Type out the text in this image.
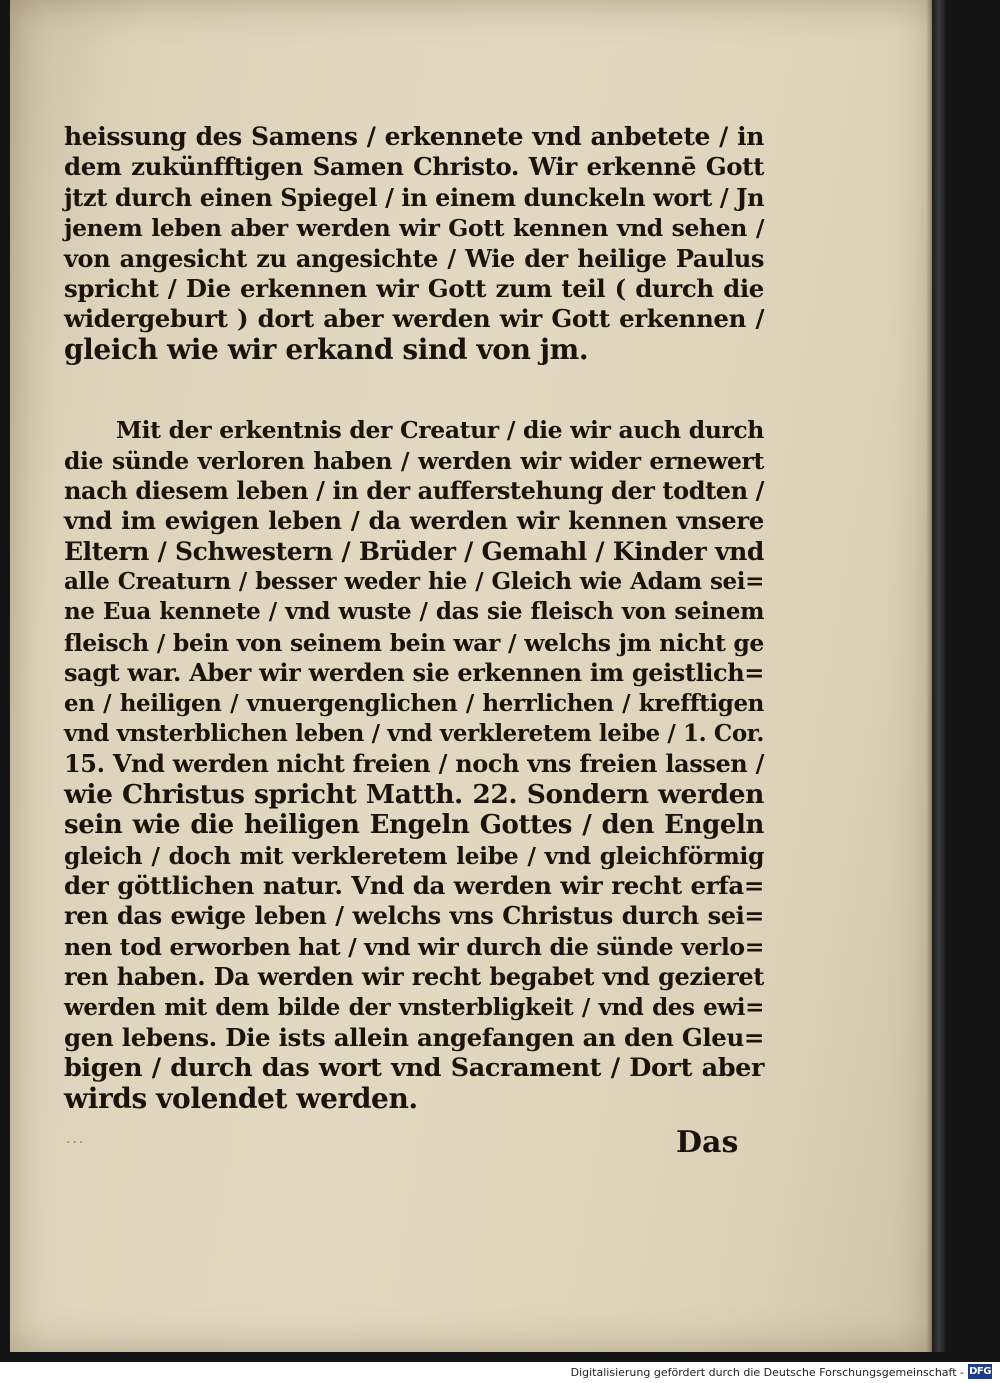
heissung des Samens / erkennete vnd anbetete / in
dem zukünfftigen Samen Christo. Wir erkennē Gott
jtzt durch einen Spiegel / in einem dunckeln wort / Jn
jenem leben aber werden wir Gott kennen vnd sehen /
von angesicht zu angesichte / Wie der heilige Paulus
spricht / Die erkennen wir Gott zum teil ( durch die
widergeburt ) dort aber werden wir Gott erkennen /
gleich wie wir erkand sind von jm.
Mit der erkentnis der Creatur / die wir auch durch
die sünde verloren haben / werden wir wider ernewert
nach diesem leben / in der aufferstehung der todten /
vnd im ewigen leben / da werden wir kennen vnsere
Eltern / Schwestern / Brüder / Gemahl / Kinder vnd
alle Creaturn / besser weder hie / Gleich wie Adam sei=
ne Eua kennete / vnd wuste / das sie fleisch von seinem
fleisch / bein von seinem bein war / welchs jm nicht ge
sagt war. Aber wir werden sie erkennen im geistlich=
en / heiligen / vnuergenglichen / herrlichen / krefftigen
vnd vnsterblichen leben / vnd verkleretem leibe / 1. Cor.
15. Vnd werden nicht freien / noch vns freien lassen /
wie Christus spricht Matth. 22. Sondern werden
sein wie die heiligen Engeln Gottes / den Engeln
gleich / doch mit verkleretem leibe / vnd gleichförmig
der göttlichen natur. Vnd da werden wir recht erfa=
ren das ewige leben / welchs vns Christus durch sei=
nen tod erworben hat / vnd wir durch die sünde verlo=
ren haben. Da werden wir recht begabet vnd gezieret
werden mit dem bilde der vnsterbligkeit / vnd des ewi=
gen lebens. Die ists allein angefangen an den Gleu=
bigen / durch das wort vnd Sacrament / Dort aber
wirds volendet werden.
···	Das
Digitalisierung gefördert durch die Deutsche Forschungsgemeinschaft - DFG
